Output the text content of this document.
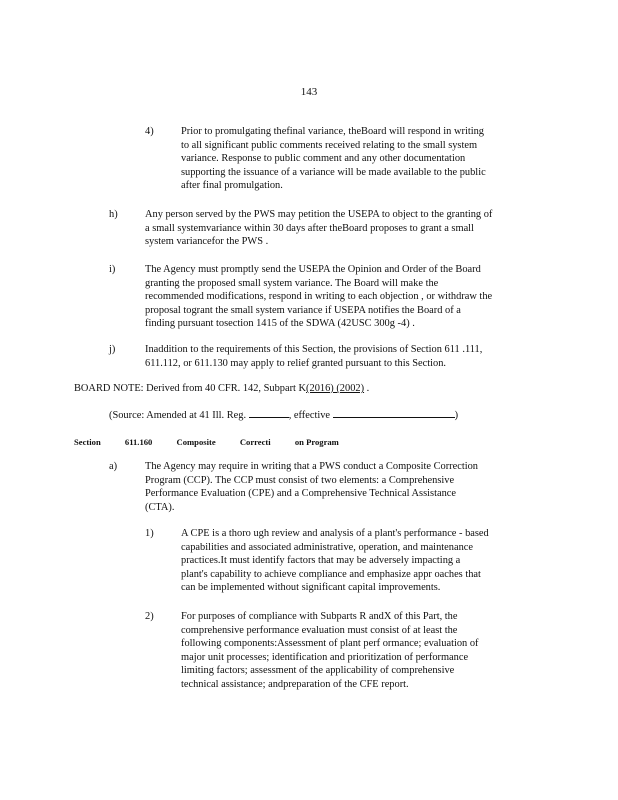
143
4)	Prior to promulgating thefinal variance, theBoard will respond in writing
to all significant public comments received relating to the small system
variance. Response to public comment and any other documentation
supporting the issuance of a variance will be made available to the public
after final promulgation.
h)	Any person served by the PWS may petition the USEPA to object to the granting of
a small systemvariance within 30 days after theBoard proposes to grant a small
system variancefor the PWS .
i)	The Agency must promptly send the USEPA the Opinion and Order of the Board
granting the proposed small system variance. The Board will make the
recommended modifications, respond in writing to each objection , or withdraw the
proposal togrant the small system variance if USEPA notifies the Board of a
finding pursuant tosection 1415 of the SDWA (42USC 300g -4) .
j)	Inaddition to the requirements of this Section, the provisions of Section 611 .111,
611.112, or 611.130 may apply to relief granted pursuant to this Section.
BOARD NOTE: Derived from 40 CFR. 142, Subpart K(2016) (2002) .
(Source: Amended at 41 Ill. Reg.	, effective	)
Section	611.160	Composite	Correcti	on Program
a)	The Agency may require in writing that a PWS conduct a Composite Correction
Program (CCP). The CCP must consist of two elements: a Comprehensive
Performance Evaluation (CPE) and a Comprehensive Technical Assistance
(CTA).
1)	A CPE is a thoro ugh review and analysis of a plant's performance - based
capabilities and associated administrative, operation, and maintenance
practices.It must identify factors that may be adversely impacting a
plant's capability to achieve compliance and emphasize appr oaches that
can be implemented without significant capital improvements.
2)	For purposes of compliance with Subparts R andX of this Part, the
comprehensive performance evaluation must consist of at least the
following components:Assessment of plant perf ormance; evaluation of
major unit processes; identification and prioritization of performance
limiting factors; assessment of the applicability of comprehensive
technical assistance; andpreparation of the CFE report.
